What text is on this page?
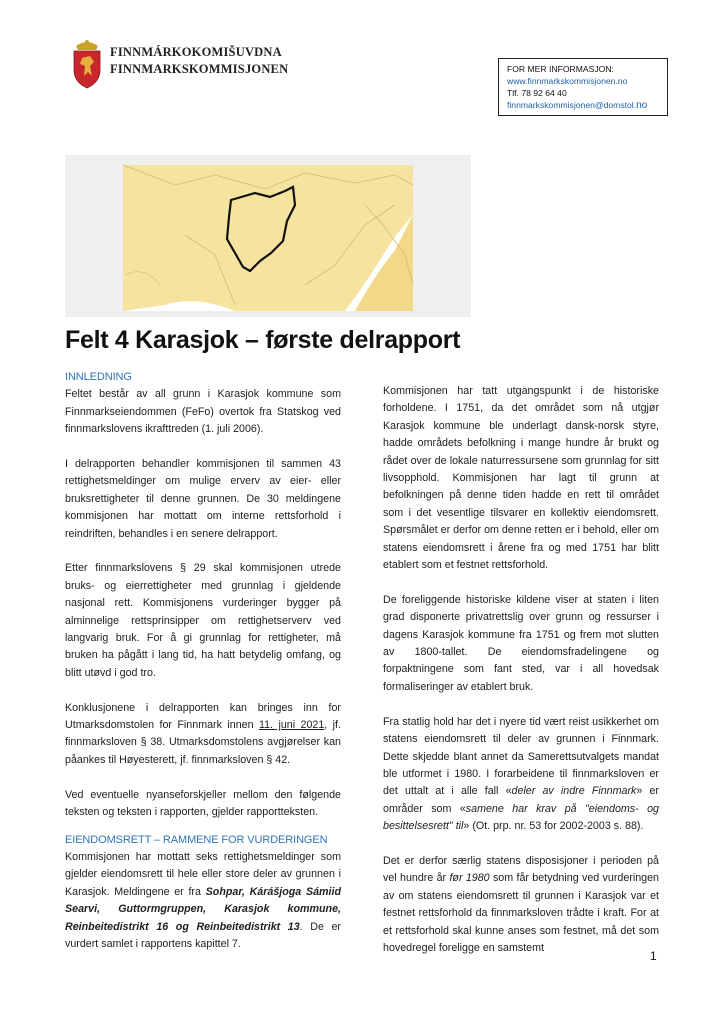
FINNMÁRKOKOMIŠUVDNA
FINNMARKSKOMMISJONEN	FOR MER INFORMASJON:
www.finnmarkskommisjonen.no
Tlf. 78 92 64 40
finnmarkskommisjonen@domstol.no
Felt 4 Karasjok – første delrapport

INNLEDNING

Feltet består av all grunn i Karasjok kommune som Finnmarkseiendommen (FeFo) overtok fra Statskog ved finnmarkslovens ikrafttreden (1. juli 2006).

I delrapporten behandler kommisjonen til sammen 43 rettighetsmeldinger om mulige erverv av eier- eller bruksrettigheter til denne grunnen. De 30 meldingene kommisjonen har mottatt om interne rettsforhold i reindriften, behandles i en senere delrapport.

Etter finnmarkslovens § 29 skal kommisjonen utrede bruks- og eierrettigheter med grunnlag i gjeldende nasjonal rett. Kommisjonens vurderinger bygger på alminnelige rettsprinsipper om rettighetserverv ved langvarig bruk. For å gi grunnlag for rettigheter, må bruken ha pågått i lang tid, ha hatt betydelig omfang, og blitt utøvd i god tro.

Konklusjonene i delrapporten kan bringes inn for Utmarksdomstolen for Finnmark innen 11. juni 2021, jf. finnmarksloven § 38. Utmarksdomstolens avgjørelser kan påankes til Høyesterett, jf. finnmarksloven § 42.

Ved eventuelle nyanseforskjeller mellom den følgende teksten og teksten i rapporten, gjelder rapportteksten.

EIENDOMSRETT – RAMMENE FOR VURDERINGEN

Kommisjonen har mottatt seks rettighetsmeldinger som gjelder eiendomsrett til hele eller store deler av grunnen i Karasjok. Meldingene er fra Sohpar, Kárášjoga Sámiid Searvi, Guttormgruppen, Karasjok kommune, Reinbeitedistrikt 16 og Reinbeitedistrikt 13. De er vurdert samlet i rapportens kapittel 7.

Kommisjonen har tatt utgangspunkt i de historiske forholdene. I 1751, da det området som nå utgjør Karasjok kommune ble underlagt dansk-norsk styre, hadde områdets befolkning i mange hundre år brukt og rådet over de lokale naturressursene som grunnlag for sitt livsopphold. Kommisjonen har lagt til grunn at befolkningen på denne tiden hadde en rett til området som i det vesentlige tilsvarer en kollektiv eiendomsrett. Spørsmålet er derfor om denne retten er i behold, eller om statens eiendomsrett i årene fra og med 1751 har blitt etablert som et festnet rettsforhold.

De foreliggende historiske kildene viser at staten i liten grad disponerte privatrettslig over grunn og ressurser i dagens Karasjok kommune fra 1751 og frem mot slutten av 1800-tallet. De eiendomsfradelingene og forpaktningene som fant sted, var i all hovedsak formaliseringer av etablert bruk.

Fra statlig hold har det i nyere tid vært reist usikkerhet om statens eiendomsrett til deler av grunnen i Finnmark. Dette skjedde blant annet da Samerettsutvalgets mandat ble utformet i 1980. I forarbeidene til finnmarksloven er det uttalt at i alle fall «deler av indre Finnmark» er områder som «samene har krav på "eiendoms- og besittelsesrett" til» (Ot. prp. nr. 53 for 2002-2003 s. 88).

Det er derfor særlig statens disposisjoner i perioden på vel hundre år før 1980 som får betydning ved vurderingen av om statens eiendomsrett til grunnen i Karasjok var et festnet rettsforhold da finnmarksloven trådte i kraft. For at et rettsforhold skal kunne anses som festnet, må det som hovedregel foreligge en samstemt

1
